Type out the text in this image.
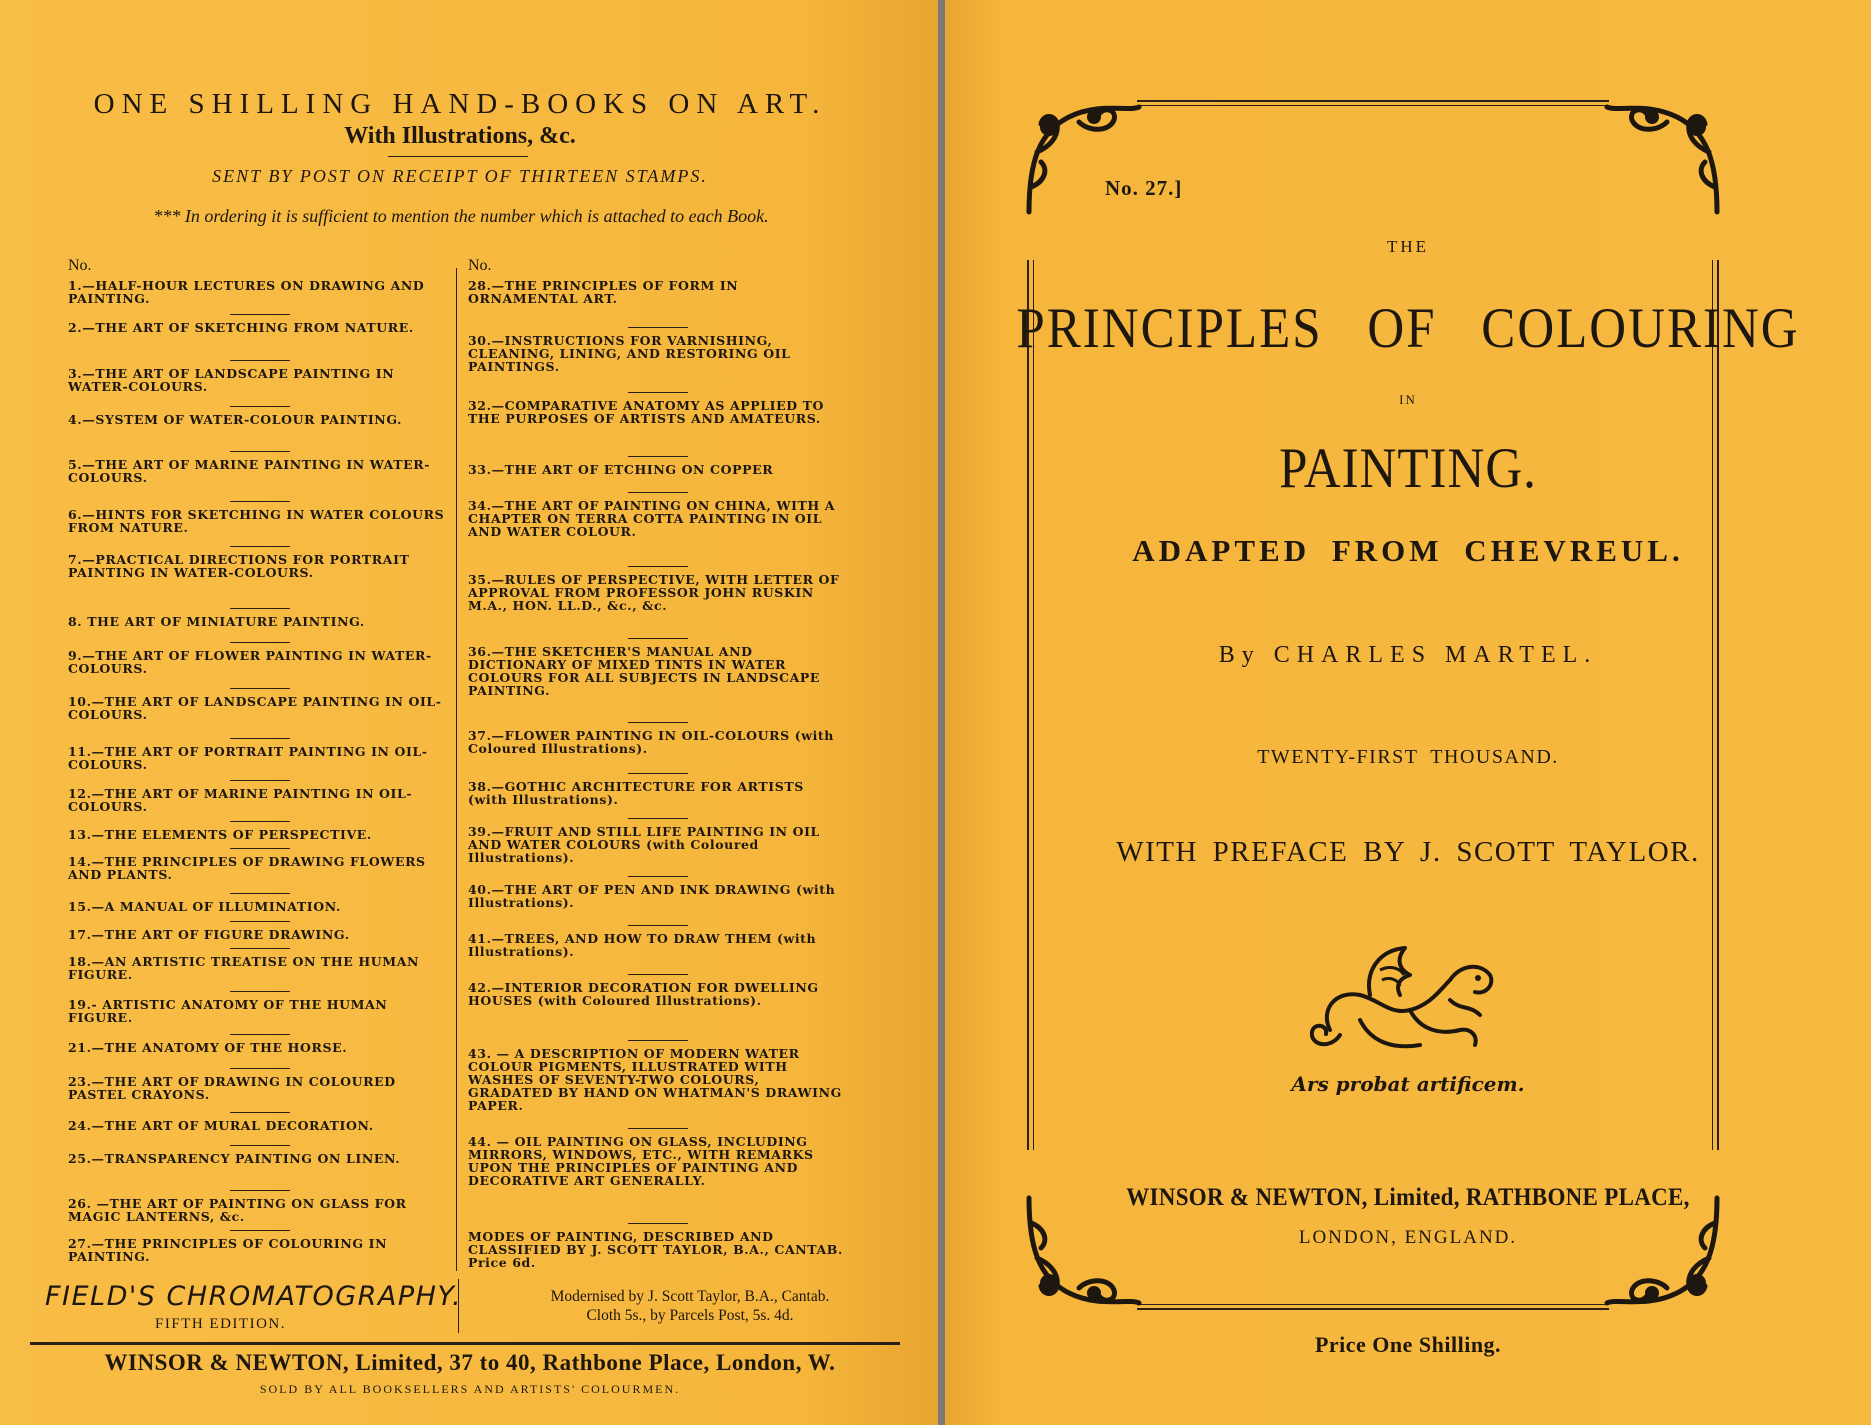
ONE SHILLING HAND-BOOKS ON ART.
With Illustrations, &c.
SENT BY POST ON RECEIPT OF THIRTEEN STAMPS.
*** In ordering it is sufficient to mention the number which is attached to each Book.
No.	No.
1.—HALF-HOUR LECTURES ON DRAWING AND PAINTING.
2.—THE ART OF SKETCHING FROM NATURE.
3.—THE ART OF LANDSCAPE PAINTING IN WATER-COLOURS.
4.—SYSTEM OF WATER-COLOUR PAINTING.
5.—THE ART OF MARINE PAINTING IN WATER-COLOURS.
6.—HINTS FOR SKETCHING IN WATER COLOURS FROM NATURE.
7.—PRACTICAL DIRECTIONS FOR PORTRAIT PAINTING IN WATER-COLOURS.
8. THE ART OF MINIATURE PAINTING.
9.—THE ART OF FLOWER PAINTING IN WATER-COLOURS.
10.—THE ART OF LANDSCAPE PAINTING IN OIL-COLOURS.
11.—THE ART OF PORTRAIT PAINTING IN OIL-COLOURS.
12.—THE ART OF MARINE PAINTING IN OIL-COLOURS.
13.—THE ELEMENTS OF PERSPECTIVE.
14.—THE PRINCIPLES OF DRAWING FLOWERS AND PLANTS.
15.—A MANUAL OF ILLUMINATION.
17.—THE ART OF FIGURE DRAWING.
18.—AN ARTISTIC TREATISE ON THE HUMAN FIGURE.
19.- ARTISTIC ANATOMY OF THE HUMAN FIGURE.
21.—THE ANATOMY OF THE HORSE.
23.—THE ART OF DRAWING IN COLOURED PASTEL CRAYONS.
24.—THE ART OF MURAL DECORATION.
25.—TRANSPARENCY PAINTING ON LINEN.
26. —THE ART OF PAINTING ON GLASS FOR MAGIC LANTERNS, &c.
27.—THE PRINCIPLES OF COLOURING IN PAINTING.
28.—THE PRINCIPLES OF FORM IN ORNAMENTAL ART.
30.—INSTRUCTIONS FOR VARNISHING, CLEANING, LINING, AND RESTORING OIL PAINTINGS.
32.—COMPARATIVE ANATOMY AS APPLIED TO THE PURPOSES OF ARTISTS AND AMATEURS.
33.—THE ART OF ETCHING ON COPPER
34.—THE ART OF PAINTING ON CHINA, WITH A CHAPTER ON TERRA COTTA PAINTING IN OIL AND WATER COLOUR.
35.—RULES OF PERSPECTIVE, WITH LETTER OF APPROVAL FROM PROFESSOR JOHN RUSKIN M.A., HON. LL.D., &c., &c.
36.—THE SKETCHER'S MANUAL AND DICTIONARY OF MIXED TINTS IN WATER COLOURS FOR ALL SUBJECTS IN LANDSCAPE PAINTING.
37.—FLOWER PAINTING IN OIL-COLOURS (with Coloured Illustrations).
38.—GOTHIC ARCHITECTURE FOR ARTISTS (with Illustrations).
39.—FRUIT AND STILL LIFE PAINTING IN OIL AND WATER COLOURS (with Coloured Illustrations).
40.—THE ART OF PEN AND INK DRAWING (with Illustrations).
41.—TREES, AND HOW TO DRAW THEM (with Illustrations).
42.—INTERIOR DECORATION FOR DWELLING HOUSES (with Coloured Illustrations).
43. — A DESCRIPTION OF MODERN WATER COLOUR PIGMENTS, ILLUSTRATED WITH WASHES OF SEVENTY-TWO COLOURS, GRADATED BY HAND ON WHATMAN'S DRAWING PAPER.
44. — OIL PAINTING ON GLASS, INCLUDING MIRRORS, WINDOWS, ETC., WITH REMARKS UPON THE PRINCIPLES OF PAINTING AND DECORATIVE ART GENERALLY.
MODES OF PAINTING, DESCRIBED AND CLASSIFIED BY J. SCOTT TAYLOR, B.A., CANTAB. Price 6d.
FIELD'S CHROMATOGRAPHY.
FIFTH EDITION.
Modernised by J. Scott Taylor, B.A., Cantab.
Cloth 5s., by Parcels Post, 5s. 4d.
WINSOR & NEWTON, Limited, 37 to 40, Rathbone Place, London, W.
SOLD BY ALL BOOKSELLERS AND ARTISTS' COLOURMEN.
No. 27.]
THE
PRINCIPLES OF COLOURING
IN
PAINTING.
ADAPTED FROM CHEVREUL.
By CHARLES MARTEL.
TWENTY-FIRST THOUSAND.
WITH PREFACE BY J. SCOTT TAYLOR.
Ars probat artificem.
WINSOR & NEWTON, Limited, RATHBONE PLACE,
LONDON, ENGLAND.
Price One Shilling.
